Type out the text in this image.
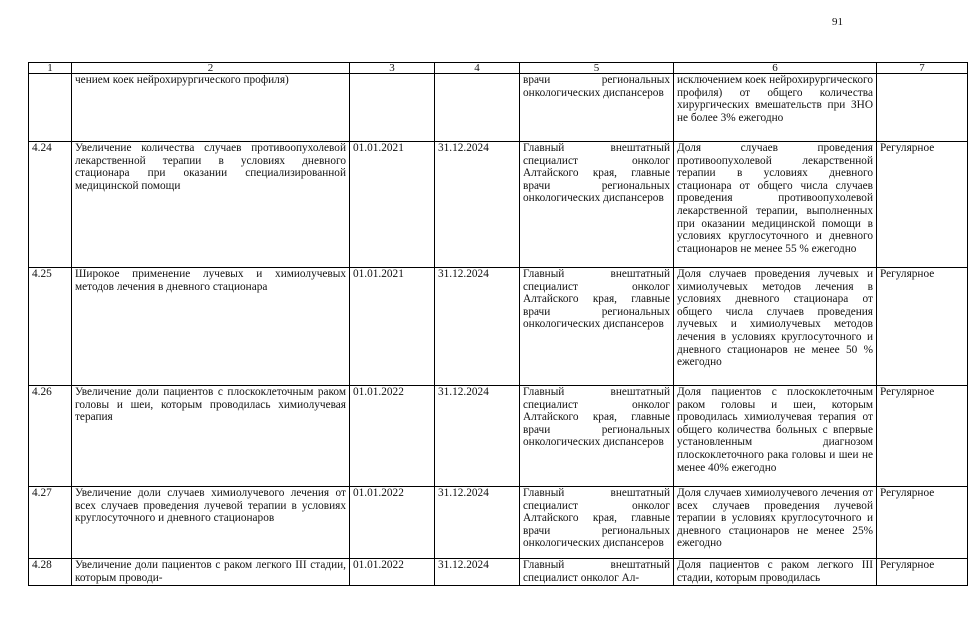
91
1	2	3	4	5	6	7
	чением коек нейрохирургического профиля)			врачи региональных онкологических диспансеров	исключением коек нейрохирургического профиля) от общего количества хирургических вмешательств при ЗНО не более 3% ежегодно	
4.24	Увеличение количества случаев противоопухолевой лекарственной терапии в условиях дневного стационара при оказании специализированной медицинской помощи	01.01.2021	31.12.2024	Главный внештатный специалист онколог Алтайского края, главные врачи региональных онкологических диспансеров	Доля случаев проведения противоопухолевой лекарственной терапии в условиях дневного стационара от общего числа случаев проведения противоопухолевой лекарственной терапии, выполненных при оказании медицинской помощи в условиях круглосуточного и дневного стационаров не менее 55 % ежегодно	Регулярное
4.25	Широкое применение лучевых и химиолучевых методов лечения в дневного стационара	01.01.2021	31.12.2024	Главный внештатный специалист онколог Алтайского края, главные врачи региональных онкологических диспансеров	Доля случаев проведения лучевых и химиолучевых методов лечения в условиях дневного стационара от общего числа случаев проведения лучевых и химиолучевых методов лечения в условиях круглосуточного и дневного стационаров не менее 50 % ежегодно	Регулярное
4.26	Увеличение доли пациентов с плоскоклеточным раком головы и шеи, которым проводилась химиолучевая терапия	01.01.2022	31.12.2024	Главный внештатный специалист онколог Алтайского края, главные врачи региональных онкологических диспансеров	Доля пациентов с плоскоклеточным раком головы и шеи, которым проводилась химиолучевая терапия от общего количества больных с впервые установленным диагнозом плоскоклеточного рака головы и шеи не менее 40% ежегодно	Регулярное
4.27	Увеличение доли случаев химиолучевого лечения от всех случаев проведения лучевой терапии в условиях круглосуточного и дневного стационаров	01.01.2022	31.12.2024	Главный внештатный специалист онколог Алтайского края, главные врачи региональных онкологических диспансеров	Доля случаев химиолучевого лечения от всех случаев проведения лучевой терапии в условиях круглосуточного и дневного стационаров не менее 25% ежегодно	Регулярное
4.28	Увеличение доли пациентов с раком легкого III стадии, которым проводи-	01.01.2022	31.12.2024	Главный внештатный специалист онколог Ал-	Доля пациентов с раком легкого III стадии, которым проводилась	Регулярное
